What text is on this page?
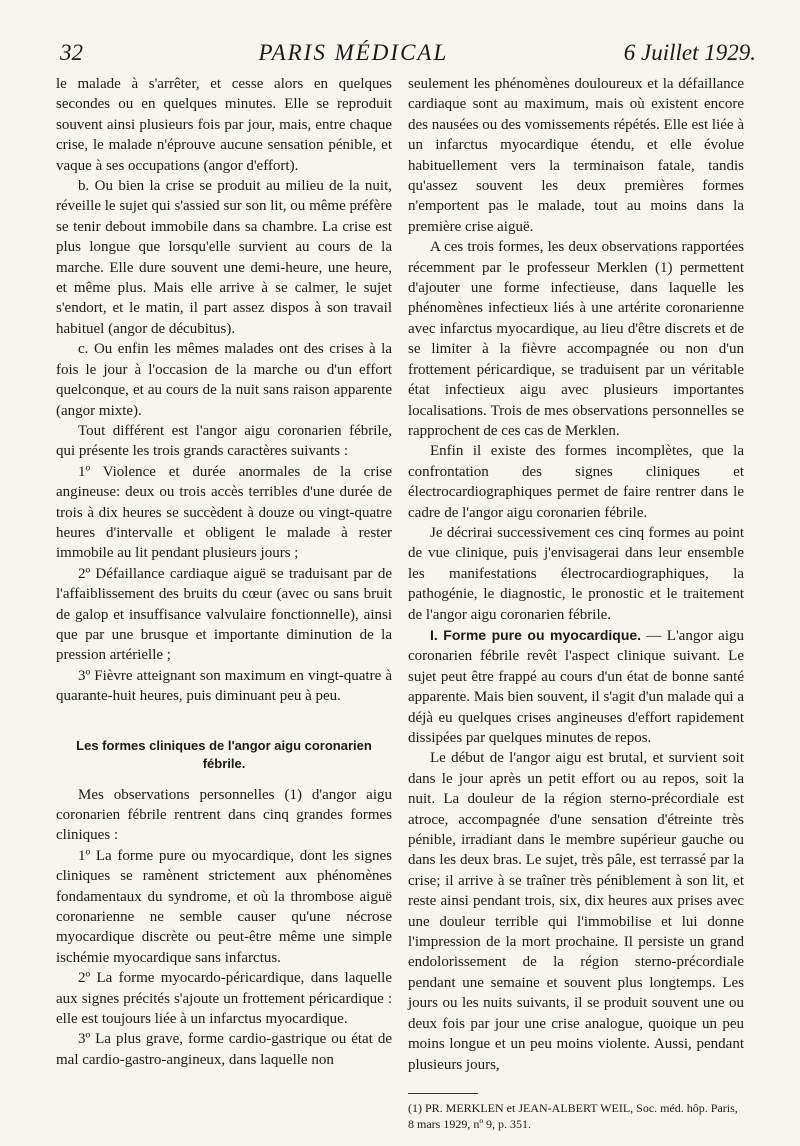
32	PARIS MÉDICAL	6 Juillet 1929.

le malade à s'arrêter, et cesse alors en quelques secondes ou en quelques minutes. Elle se reproduit souvent ainsi plusieurs fois par jour, mais, entre chaque crise, le malade n'éprouve aucune sensation pénible, et vaque à ses occupations (angor d'effort).

b. Ou bien la crise se produit au milieu de la nuit, réveille le sujet qui s'assied sur son lit, ou même préfère se tenir debout immobile dans sa chambre. La crise est plus longue que lorsqu'elle survient au cours de la marche. Elle dure souvent une demi-heure, une heure, et même plus. Mais elle arrive à se calmer, le sujet s'endort, et le matin, il part assez dispos à son travail habituel (angor de décubitus).

c. Ou enfin les mêmes malades ont des crises à la fois le jour à l'occasion de la marche ou d'un effort quelconque, et au cours de la nuit sans raison apparente (angor mixte).

Tout différent est l'angor aigu coronarien fébrile, qui présente les trois grands caractères suivants :

1º Violence et durée anormales de la crise angineuse: deux ou trois accès terribles d'une durée de trois à dix heures se succèdent à douze ou vingt-quatre heures d'intervalle et obligent le malade à rester immobile au lit pendant plusieurs jours ;

2º Défaillance cardiaque aiguë se traduisant par de l'affaiblissement des bruits du cœur (avec ou sans bruit de galop et insuffisance valvulaire fonctionnelle), ainsi que par une brusque et importante diminution de la pression artérielle ;

3º Fièvre atteignant son maximum en vingt-quatre à quarante-huit heures, puis diminuant peu à peu.

Les formes cliniques de l'angor aigu coronarien fébrile.

Mes observations personnelles (1) d'angor aigu coronarien fébrile rentrent dans cinq grandes formes cliniques :

1º La forme pure ou myocardique, dont les signes cliniques se ramènent strictement aux phénomènes fondamentaux du syndrome, et où la thrombose aiguë coronarienne ne semble causer qu'une nécrose myocardique discrète ou peut-être même une simple ischémie myocardique sans infarctus.

2º La forme myocardo-péricardique, dans laquelle aux signes précités s'ajoute un frottement péricardique : elle est toujours liée à un infarctus myocardique.

3º La plus grave, forme cardio-gastrique ou état de mal cardio-gastro-angineux, dans laquelle non

seulement les phénomènes douloureux et la défaillance cardiaque sont au maximum, mais où existent encore des nausées ou des vomissements répétés. Elle est liée à un infarctus myocardique étendu, et elle évolue habituellement vers la terminaison fatale, tandis qu'assez souvent les deux premières formes n'emportent pas le malade, tout au moins dans la première crise aiguë.

A ces trois formes, les deux observations rapportées récemment par le professeur Merklen (1) permettent d'ajouter une forme infectieuse, dans laquelle les phénomènes infectieux liés à une artérite coronarienne avec infarctus myocardique, au lieu d'être discrets et de se limiter à la fièvre accompagnée ou non d'un frottement péricardique, se traduisent par un véritable état infectieux aigu avec plusieurs importantes localisations. Trois de mes observations personnelles se rapprochent de ces cas de Merklen.

Enfin il existe des formes incomplètes, que la confrontation des signes cliniques et électrocardiographiques permet de faire rentrer dans le cadre de l'angor aigu coronarien fébrile.

Je décrirai successivement ces cinq formes au point de vue clinique, puis j'envisagerai dans leur ensemble les manifestations électrocardiographiques, la pathogénie, le diagnostic, le pronostic et le traitement de l'angor aigu coronarien fébrile.

I. Forme pure ou myocardique. — L'angor aigu coronarien fébrile revêt l'aspect clinique suivant. Le sujet peut être frappé au cours d'un état de bonne santé apparente. Mais bien souvent, il s'agit d'un malade qui a déjà eu quelques crises angineuses d'effort rapidement dissipées par quelques minutes de repos.

Le début de l'angor aigu est brutal, et survient soit dans le jour après un petit effort ou au repos, soit la nuit. La douleur de la région sterno-précordiale est atroce, accompagnée d'une sensation d'étreinte très pénible, irradiant dans le membre supérieur gauche ou dans les deux bras. Le sujet, très pâle, est terrassé par la crise; il arrive à se traîner très péniblement à son lit, et reste ainsi pendant trois, six, dix heures aux prises avec une douleur terrible qui l'immobilise et lui donne l'impression de la mort prochaine. Il persiste un grand endolorissement de la région sterno-précordiale pendant une semaine et souvent plus longtemps. Les jours ou les nuits suivants, il se produit souvent une ou deux fois par jour une crise analogue, quoique un peu moins longue et un peu moins violente. Aussi, pendant plusieurs jours,

(1) PR. MERKLEN et JEAN-ALBERT WEIL, Soc. méd. hôp. Paris, 8 mars 1929, nº 9, p. 351.
